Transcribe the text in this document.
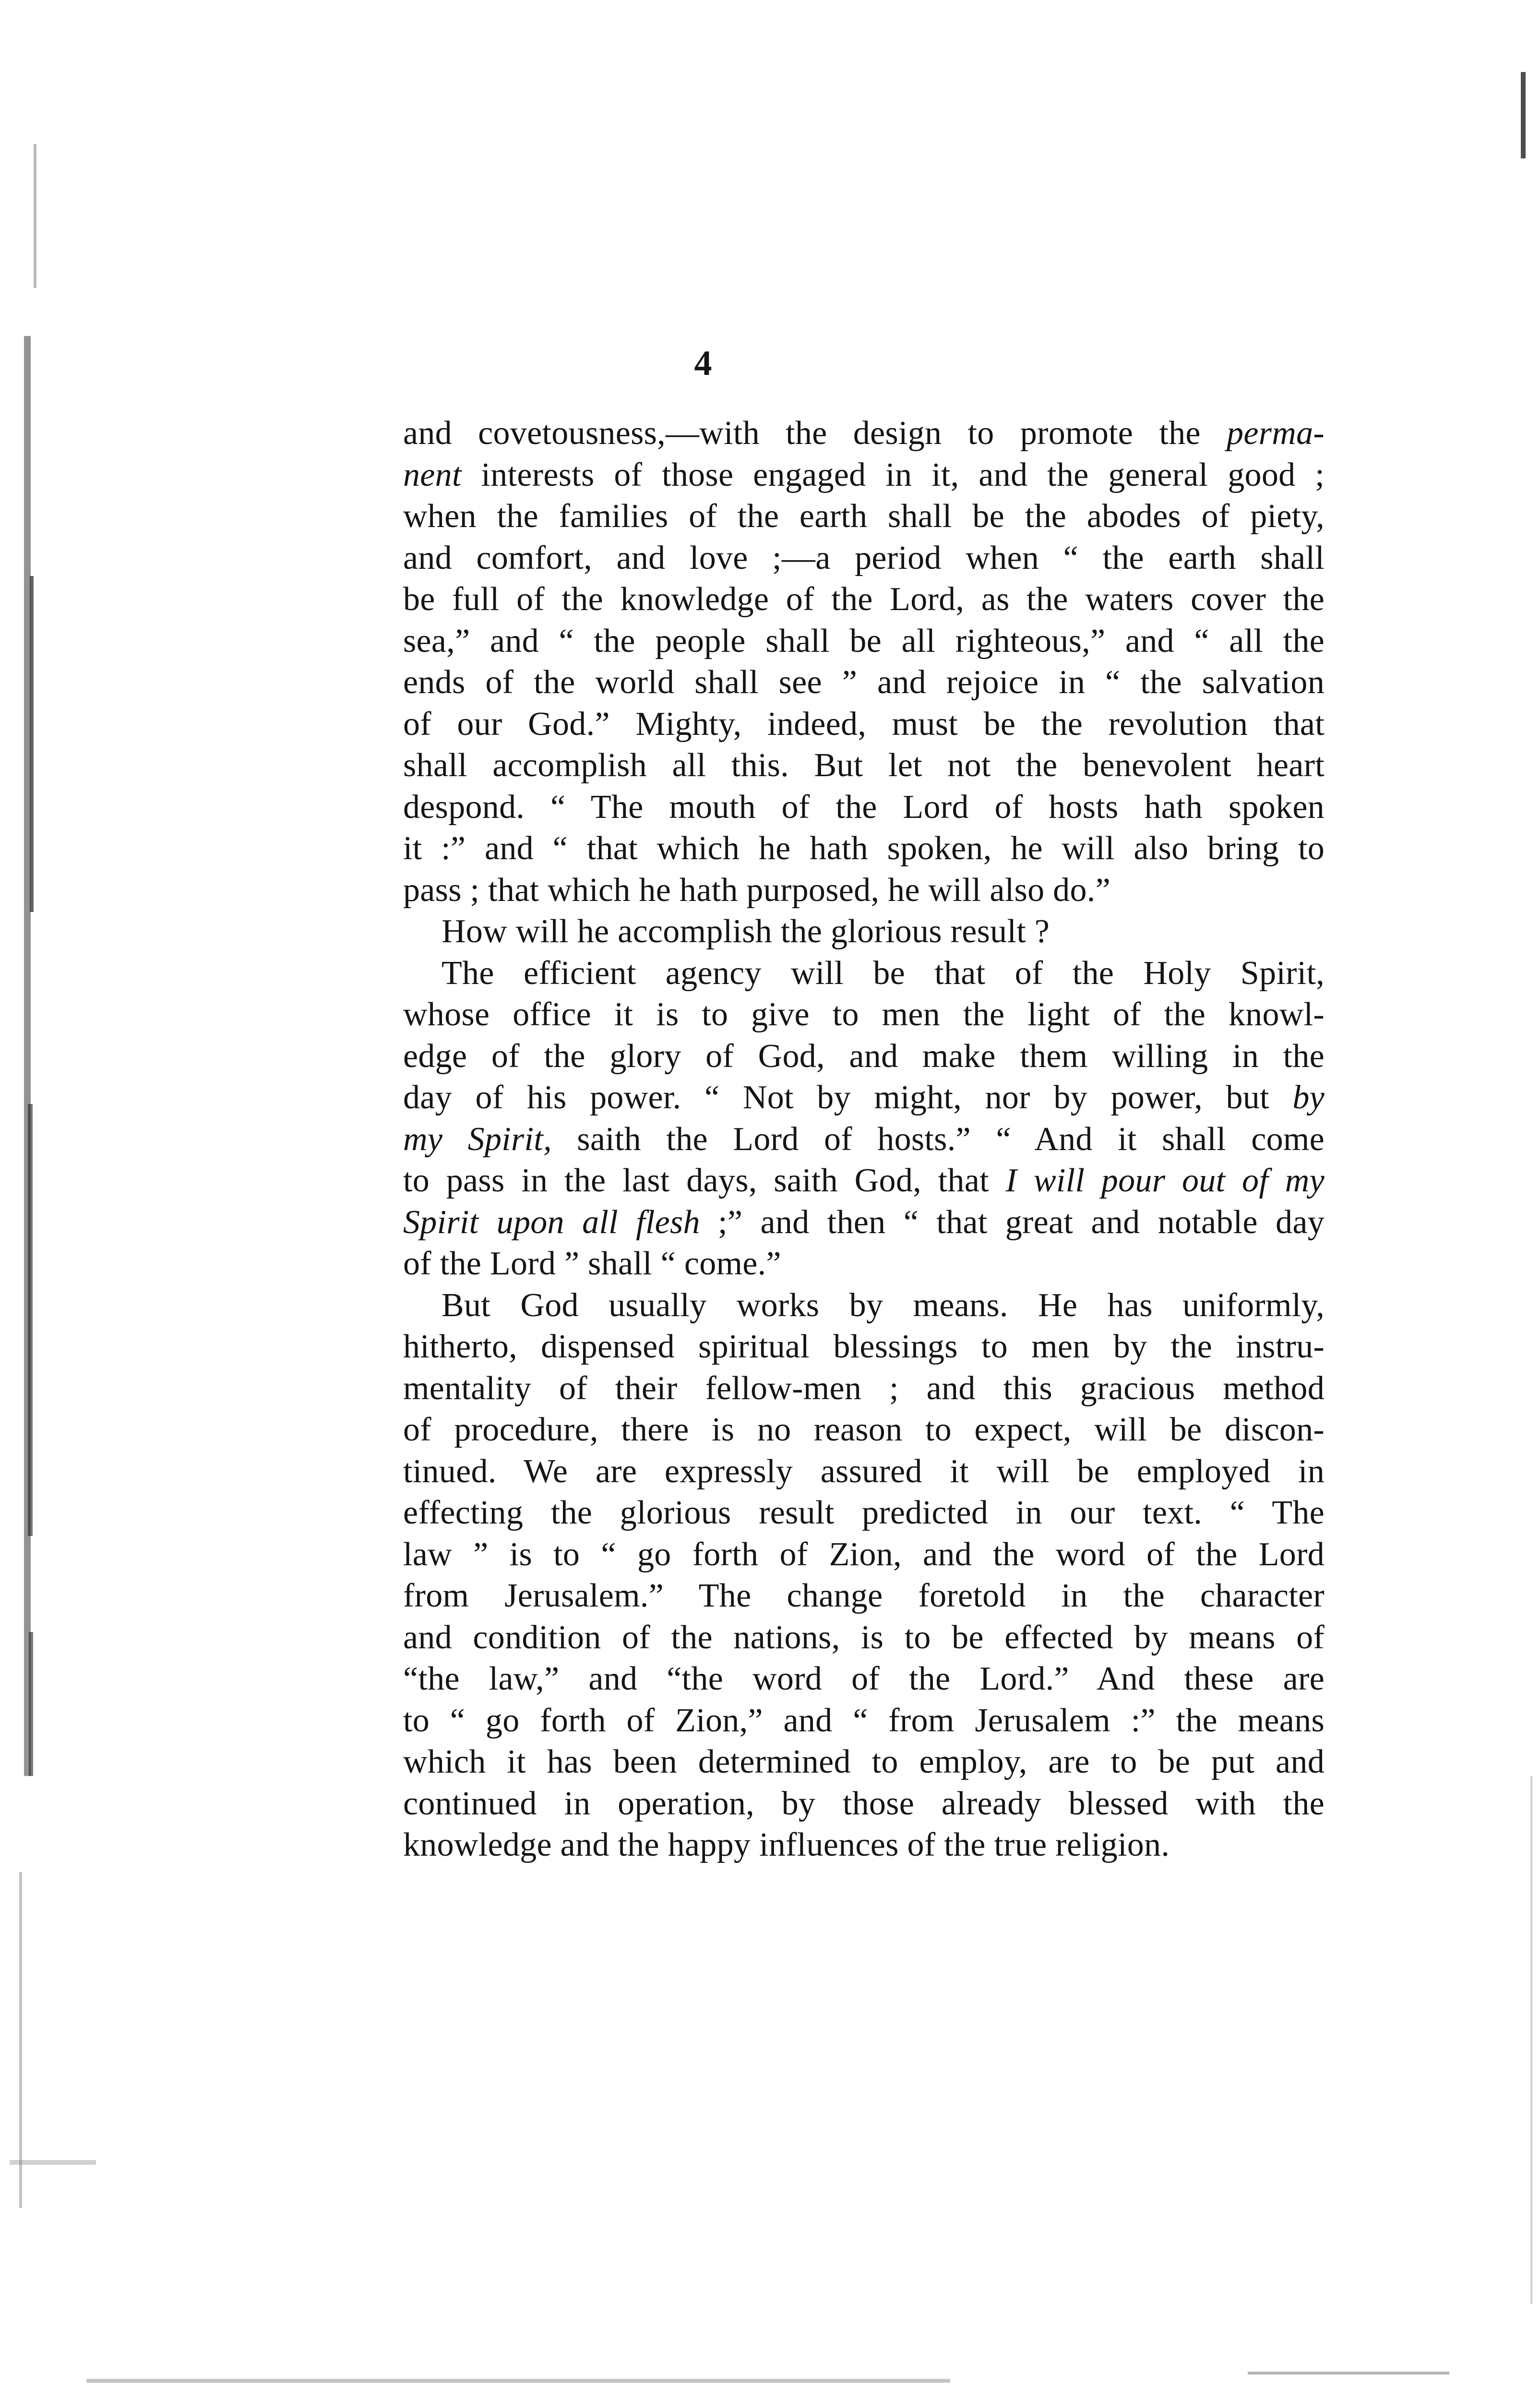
4
and covetousness,—with the design to promote the perma-
nent interests of those engaged in it, and the general good ;
when the families of the earth shall be the abodes of piety,
and comfort, and love ;—a period when “ the earth shall
be full of the knowledge of the Lord, as the waters cover the
sea,” and “ the people shall be all righteous,” and “ all the
ends of the world shall see ” and rejoice in “ the salvation
of our God.” Mighty, indeed, must be the revolution that
shall accomplish all this. But let not the benevolent heart
despond. “ The mouth of the Lord of hosts hath spoken
it :” and “ that which he hath spoken, he will also bring to
pass ; that which he hath purposed, he will also do.”
How will he accomplish the glorious result ?
The efficient agency will be that of the Holy Spirit,
whose office it is to give to men the light of the knowl-
edge of the glory of God, and make them willing in the
day of his power. “ Not by might, nor by power, but by
my Spirit, saith the Lord of hosts.” “ And it shall come
to pass in the last days, saith God, that I will pour out of my
Spirit upon all flesh ;” and then “ that great and notable day
of the Lord ” shall “ come.”
But God usually works by means. He has uniformly,
hitherto, dispensed spiritual blessings to men by the instru-
mentality of their fellow-men ; and this gracious method
of procedure, there is no reason to expect, will be discon-
tinued. We are expressly assured it will be employed in
effecting the glorious result predicted in our text. “ The
law ” is to “ go forth of Zion, and the word of the Lord
from Jerusalem.” The change foretold in the character
and condition of the nations, is to be effected by means of
“the law,” and “the word of the Lord.” And these are
to “ go forth of Zion,” and “ from Jerusalem :” the means
which it has been determined to employ, are to be put and
continued in operation, by those already blessed with the
knowledge and the happy influences of the true religion.
